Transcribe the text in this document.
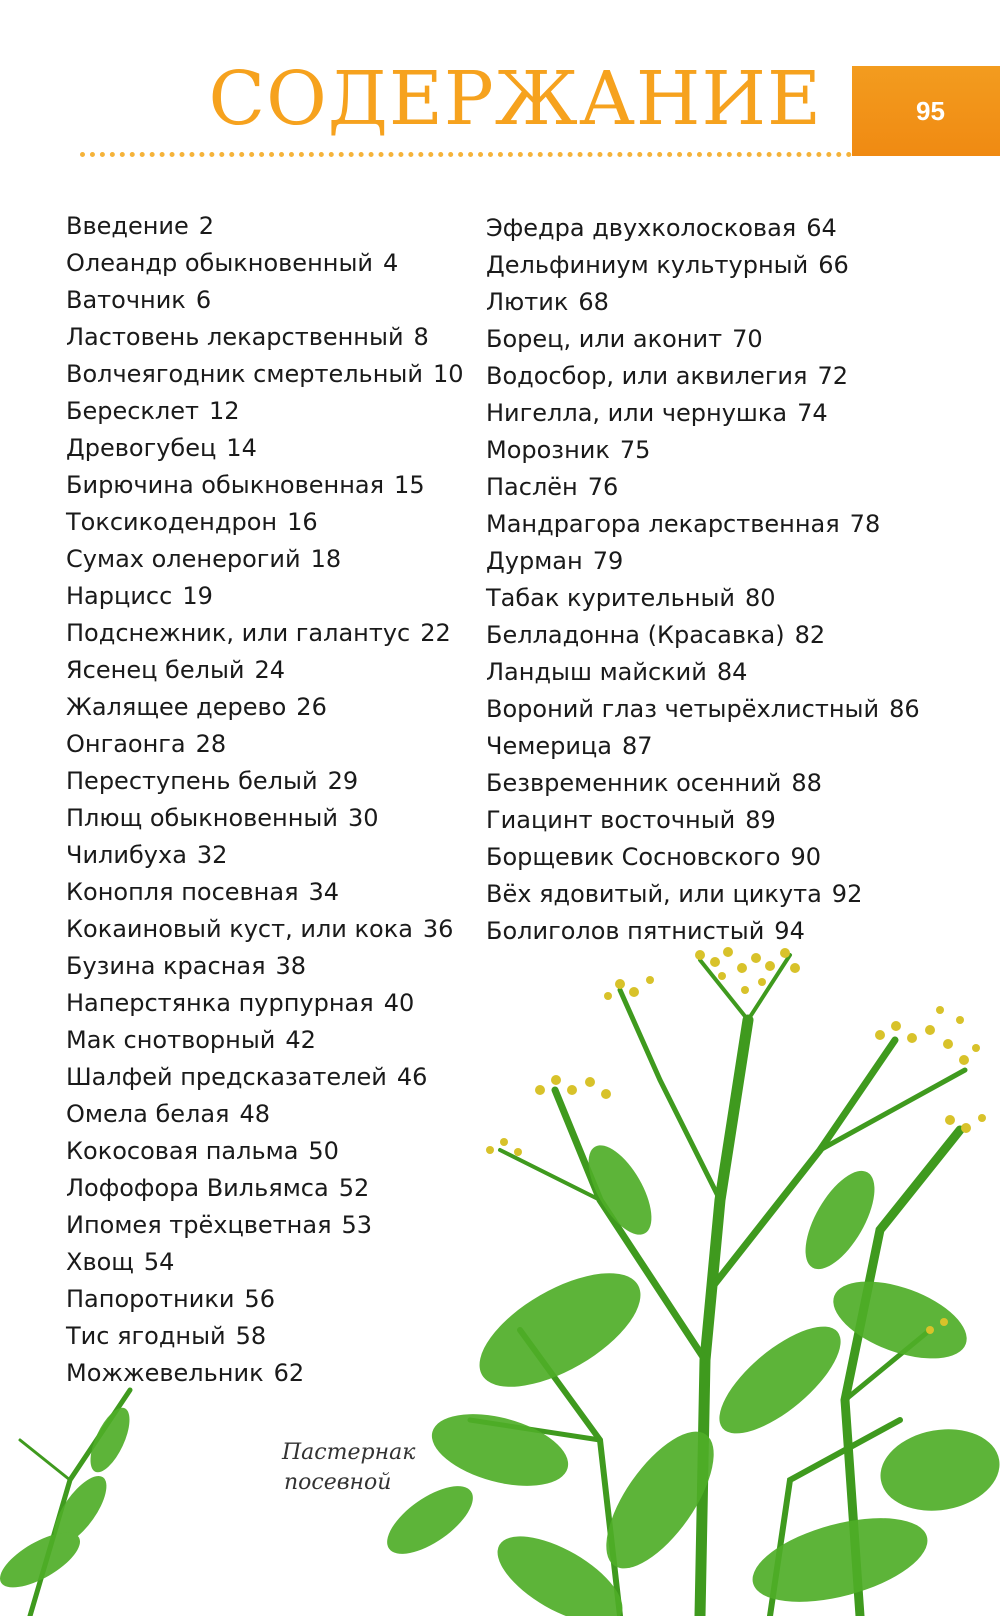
СОДЕРЖАНИЕ	95
Введение 2
Олеандр обыкновенный 4
Ваточник 6
Ластовень лекарственный 8
Волчеягодник смертельный 10
Бересклет 12
Древогубец 14
Бирючина обыкновенная 15
Токсикодендрон 16
Сумах оленерогий 18
Нарцисс 19
Подснежник, или галантус 22
Ясенец белый 24
Жалящее дерево 26
Онгаонга 28
Переступень белый 29
Плющ обыкновенный 30
Чилибуха 32
Конопля посевная 34
Кокаиновый куст, или кока 36
Бузина красная 38
Наперстянка пурпурная 40
Мак снотворный 42
Шалфей предсказателей 46
Омела белая 48
Кокосовая пальма 50
Лофофора Вильямса 52
Ипомея трёхцветная 53
Хвощ 54
Папоротники 56
Тис ягодный 58
Можжевельник 62
Эфедра двухколосковая 64
Дельфиниум культурный 66
Лютик 68
Борец, или аконит 70
Водосбор, или аквилегия 72
Нигелла, или чернушка 74
Морозник 75
Паслён 76
Мандрагора лекарственная 78
Дурман 79
Табак курительный 80
Белладонна (Красавка) 82
Ландыш майский 84
Вороний глаз четырёхлистный 86
Чемерица 87
Безвременник осенний 88
Гиацинт восточный 89
Борщевик Сосновского 90
Вёх ядовитый, или цикута 92
Болиголов пятнистый 94
Пастернак
посевной
